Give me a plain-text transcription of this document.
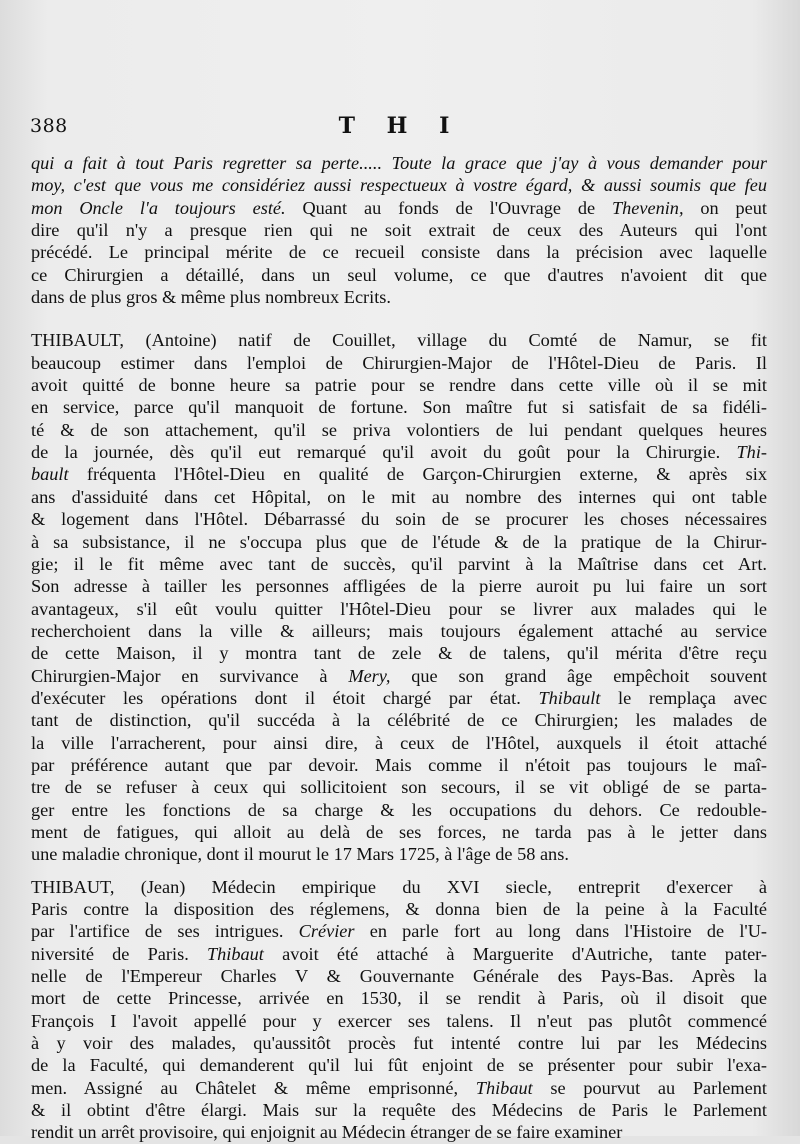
388	T H I
qui a fait à tout Paris regretter sa perte..... Toute la grace que j'ay à vous demander pour
moy, c'est que vous me considériez aussi respectueux à vostre égard, & aussi soumis que feu
mon Oncle l'a toujours esté. Quant au fonds de l'Ouvrage de Thevenin, on peut
dire qu'il n'y a presque rien qui ne soit extrait de ceux des Auteurs qui l'ont
précédé. Le principal mérite de ce recueil consiste dans la précision avec laquelle
ce Chirurgien a détaillé, dans un seul volume, ce que d'autres n'avoient dit que
dans de plus gros & même plus nombreux Ecrits.
THIBAULT, (Antoine) natif de Couillet, village du Comté de Namur, se fit
beaucoup estimer dans l'emploi de Chirurgien-Major de l'Hôtel-Dieu de Paris. Il
avoit quitté de bonne heure sa patrie pour se rendre dans cette ville où il se mit
en service, parce qu'il manquoit de fortune. Son maître fut si satisfait de sa fidéli-
té & de son attachement, qu'il se priva volontiers de lui pendant quelques heures
de la journée, dès qu'il eut remarqué qu'il avoit du goût pour la Chirurgie. Thi-
bault fréquenta l'Hôtel-Dieu en qualité de Garçon-Chirurgien externe, & après six
ans d'assiduité dans cet Hôpital, on le mit au nombre des internes qui ont table
& logement dans l'Hôtel. Débarrassé du soin de se procurer les choses nécessaires
à sa subsistance, il ne s'occupa plus que de l'étude & de la pratique de la Chirur-
gie; il le fit même avec tant de succès, qu'il parvint à la Maîtrise dans cet Art.
Son adresse à tailler les personnes affligées de la pierre auroit pu lui faire un sort
avantageux, s'il eût voulu quitter l'Hôtel-Dieu pour se livrer aux malades qui le
recherchoient dans la ville & ailleurs; mais toujours également attaché au service
de cette Maison, il y montra tant de zele & de talens, qu'il mérita d'être reçu
Chirurgien-Major en survivance à Mery, que son grand âge empêchoit souvent
d'exécuter les opérations dont il étoit chargé par état. Thibault le remplaça avec
tant de distinction, qu'il succéda à la célébrité de ce Chirurgien; les malades de
la ville l'arracherent, pour ainsi dire, à ceux de l'Hôtel, auxquels il étoit attaché
par préférence autant que par devoir. Mais comme il n'étoit pas toujours le maî-
tre de se refuser à ceux qui sollicitoient son secours, il se vit obligé de se parta-
ger entre les fonctions de sa charge & les occupations du dehors. Ce redouble-
ment de fatigues, qui alloit au delà de ses forces, ne tarda pas à le jetter dans
une maladie chronique, dont il mourut le 17 Mars 1725, à l'âge de 58 ans.
THIBAUT, (Jean) Médecin empirique du XVI siecle, entreprit d'exercer à
Paris contre la disposition des réglemens, & donna bien de la peine à la Faculté
par l'artifice de ses intrigues. Crévier en parle fort au long dans l'Histoire de l'U-
niversité de Paris. Thibaut avoit été attaché à Marguerite d'Autriche, tante pater-
nelle de l'Empereur Charles V & Gouvernante Générale des Pays-Bas. Après la
mort de cette Princesse, arrivée en 1530, il se rendit à Paris, où il disoit que
François I l'avoit appellé pour y exercer ses talens. Il n'eut pas plutôt commencé
à y voir des malades, qu'aussitôt procès fut intenté contre lui par les Médecins
de la Faculté, qui demanderent qu'il lui fût enjoint de se présenter pour subir l'exa-
men. Assigné au Châtelet & même emprisonné, Thibaut se pourvut au Parlement
& il obtint d'être élargi. Mais sur la requête des Médecins de Paris le Parlement
rendit un arrêt provisoire, qui enjoignit au Médecin étranger de se faire examiner
